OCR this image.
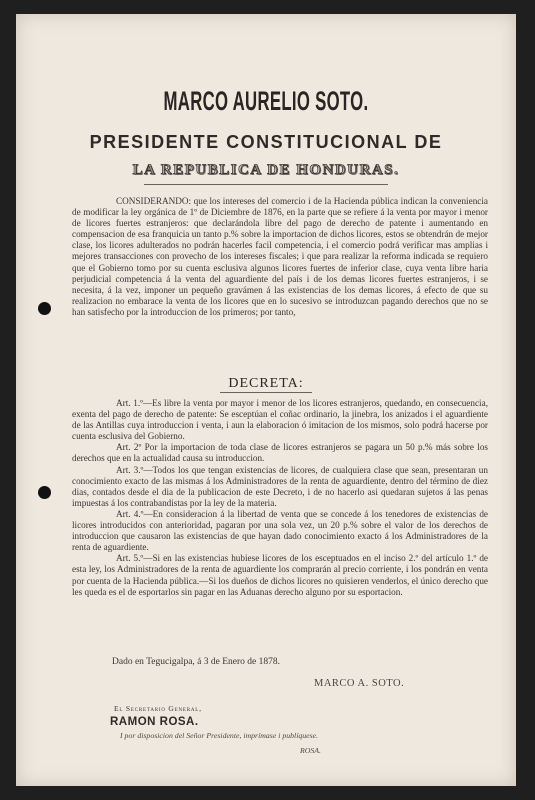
MARCO AURELIO SOTO.
PRESIDENTE CONSTITUCIONAL DE
LA REPUBLICA DE HONDURAS.

CONSIDERANDO: que los intereses del comercio i de la Hacienda pública indican la conveniencia de modificar la ley orgánica de 1º de Diciembre de 1876, en la parte que se refiere á la venta por mayor i menor de licores fuertes estranjeros: que declarándola libre del pago de derecho de patente i aumentando en compensacion de esa franquicia un tanto p.% sobre la importacion de dichos licores, estos se obtendrán de mejor clase, los licores adulterados no podrán hacerles facil competencia, i el comercio podrá verificar mas amplias i mejores transacciones con provecho de los intereses fiscales; i que para realizar la reforma indicada se requiero que el Gobierno tomo por su cuenta esclusiva algunos licores fuertes de inferior clase, cuya venta libre haria perjudicial competencia á la venta del aguardiente del país i de los demas licores fuertes estranjeros, i se necesita, á la vez, imponer un pequeño gravámen á las existencias de los demas licores, á efecto de que su realizacion no embarace la venta de los licores que en lo sucesivo se introduzcan pagando derechos que no se han satisfecho por la introduccion de los primeros; por tanto,

DECRETA:

Art. 1.º—Es libre la venta por mayor i menor de los licores estranjeros, quedando, en consecuencia, exenta del pago de derecho de patente: Se esceptúan el coñac ordinario, la jinebra, los anizados i el aguardiente de las Antillas cuya introduccion i venta, i aun la elaboracion ó imitacion de los mismos, solo podrá hacerse por cuenta esclusiva del Gobierno.

Art. 2º Por la importacion de toda clase de licores estranjeros se pagara un 50 p.% más sobre los derechos que en la actualidad causa su introduccion.

Art. 3.º—Todos los que tengan existencias de licores, de cualquiera clase que sean, presentaran un conocimiento exacto de las mismas á los Administradores de la renta de aguardiente, dentro del término de diez dias, contados desde el dia de la publicacion de este Decreto, i de no hacerlo asi quedaran sujetos á las penas impuestas á los contrabandistas por la ley de la materia.

Art. 4.º—En consideracion á la libertad de venta que se concede á los tenedores de existencias de licores introducidos con anterioridad, pagaran por una sola vez, un 20 p.% sobre el valor de los derechos de introduccion que causaron las existencias de que hayan dado conocimiento exacto á los Administradores de la renta de aguardiente.

Art. 5.º—Si en las existencias hubiese licores de los esceptuados en el inciso 2.º del artículo 1.º de esta ley, los Administradores de la renta de aguardiente los comprarán al precio corriente, i los pondrán en venta por cuenta de la Hacienda pública.—Si los dueños de dichos licores no quisieren venderlos, el único derecho que les queda es el de esportarlos sin pagar en las Aduanas derecho alguno por su esportacion.

Dado en Tegucigalpa, á 3 de Enero de 1878.
MARCO A. SOTO.
El Secretario General,
RAMON ROSA.
I por disposicion del Señor Presidente, imprímase i publíquese.
ROSA.
